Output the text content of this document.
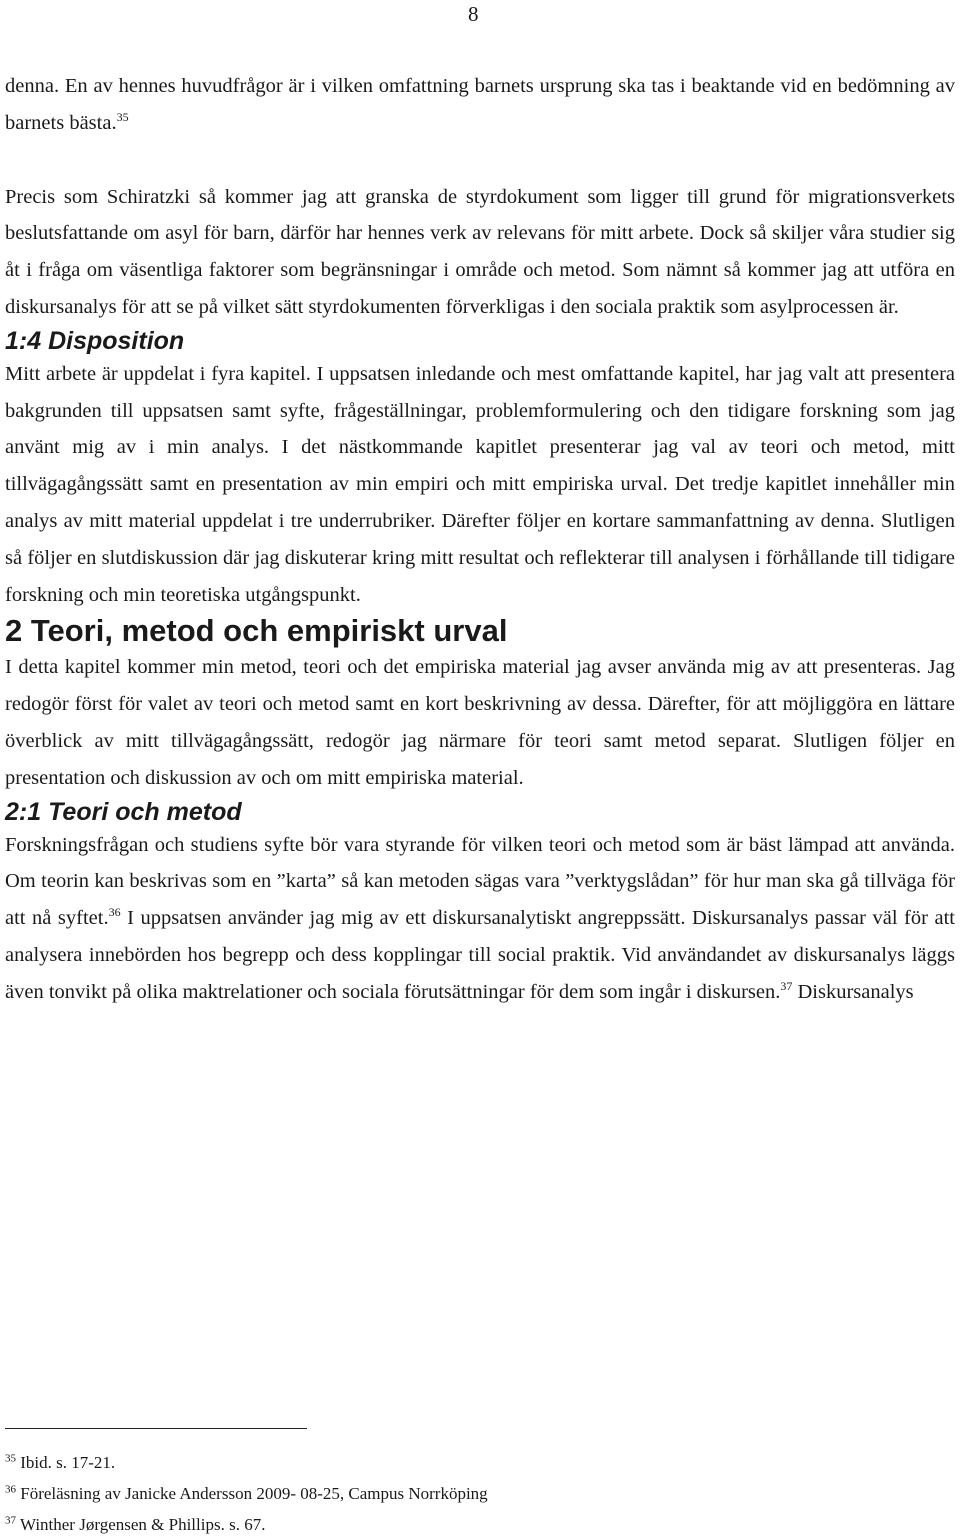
8

denna. En av hennes huvudfrågor är i vilken omfattning barnets ursprung ska tas i beaktande vid en bedömning av barnets bästa.$^{35}$

Precis som Schiratzki så kommer jag att granska de styrdokument som ligger till grund för migrationsverkets beslutsfattande om asyl för barn, därför har hennes verk av relevans för mitt arbete. Dock så skiljer våra studier sig åt i fråga om väsentliga faktorer som begränsningar i område och metod. Som nämnt så kommer jag att utföra en diskursanalys för att se på vilket sätt styrdokumenten förverkligas i den sociala praktik som asylprocessen är.

1:4 Disposition

Mitt arbete är uppdelat i fyra kapitel. I uppsatsen inledande och mest omfattande kapitel, har jag valt att presentera bakgrunden till uppsatsen samt syfte, frågeställningar, problemformulering och den tidigare forskning som jag använt mig av i min analys. I det nästkommande kapitlet presenterar jag val av teori och metod, mitt tillvägagångssätt samt en presentation av min empiri och mitt empiriska urval. Det tredje kapitlet innehåller min analys av mitt material uppdelat i tre underrubriker. Därefter följer en kortare sammanfattning av denna. Slutligen så följer en slutdiskussion där jag diskuterar kring mitt resultat och reflekterar till analysen i förhållande till tidigare forskning och min teoretiska utgångspunkt.

2 Teori, metod och empiriskt urval

I detta kapitel kommer min metod, teori och det empiriska material jag avser använda mig av att presenteras. Jag redogör först för valet av teori och metod samt en kort beskrivning av dessa. Därefter, för att möjliggöra en lättare överblick av mitt tillvägagångssätt, redogör jag närmare för teori samt metod separat. Slutligen följer en presentation och diskussion av och om mitt empiriska material.

2:1 Teori och metod

Forskningsfrågan och studiens syfte bör vara styrande för vilken teori och metod som är bäst lämpad att använda. Om teorin kan beskrivas som en ”karta” så kan metoden sägas vara ”verktygslådan” för hur man ska gå tillväga för att nå syftet.$^{36}$ I uppsatsen använder jag mig av ett diskursanalytiskt angreppssätt. Diskursanalys passar väl för att analysera innebörden hos begrepp och dess kopplingar till social praktik. Vid användandet av diskursanalys läggs även tonvikt på olika maktrelationer och sociala förutsättningar för dem som ingår i diskursen.$^{37}$ Diskursanalys

$^{35}$ Ibid. s. 17-21.

$^{36}$ Föreläsning av Janicke Andersson 2009- 08-25, Campus Norrköping

$^{37}$ Winther Jørgensen & Phillips. s. 67.
